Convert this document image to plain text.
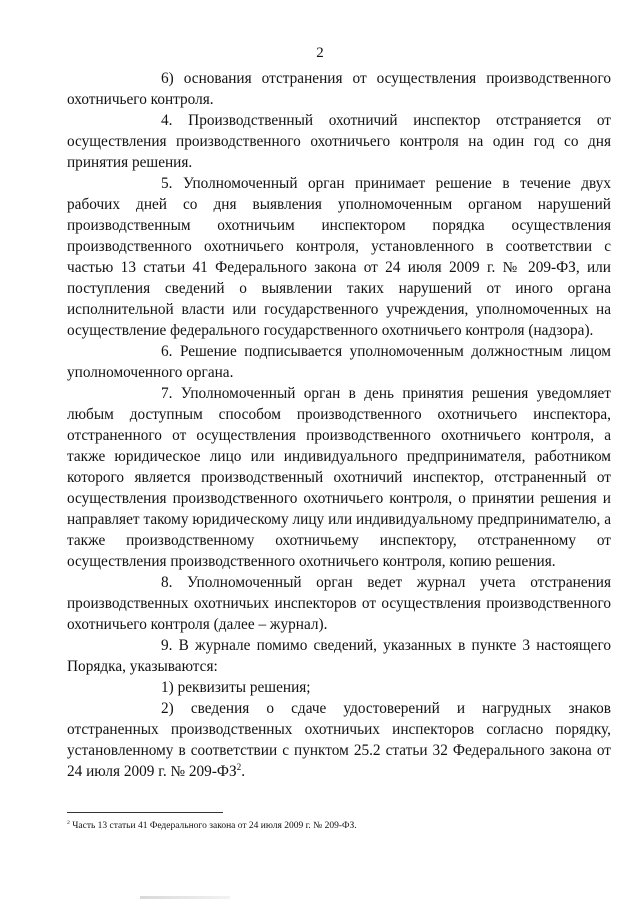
2

6) основания отстранения от осуществления производственного охотничьего контроля.

4. Производственный охотничий инспектор отстраняется от осуществления производственного охотничьего контроля на один год со дня принятия решения.

5. Уполномоченный орган принимает решение в течение двух рабочих дней со дня выявления уполномоченным органом нарушений производственным охотничьим инспектором порядка осуществления производственного охотничьего контроля, установленного в соответствии с частью 13 статьи 41 Федерального закона от 24 июля 2009 г. № 209-ФЗ, или поступления сведений о выявлении таких нарушений от иного органа исполнительной власти или государственного учреждения, уполномоченных на осуществление федерального государственного охотничьего контроля (надзора).

6. Решение подписывается уполномоченным должностным лицом уполномоченного органа.

7. Уполномоченный орган в день принятия решения уведомляет любым доступным способом производственного охотничьего инспектора, отстраненного от осуществления производственного охотничьего контроля, а также юридическое лицо или индивидуального предпринимателя, работником которого является производственный охотничий инспектор, отстраненный от осуществления производственного охотничьего контроля, о принятии решения и направляет такому юридическому лицу или индивидуальному предпринимателю, а также производственному охотничьему инспектору, отстраненному от осуществления производственного охотничьего контроля, копию решения.

8. Уполномоченный орган ведет журнал учета отстранения производственных охотничьих инспекторов от осуществления производственного охотничьего контроля (далее – журнал).

9. В журнале помимо сведений, указанных в пункте 3 настоящего Порядка, указываются:

1) реквизиты решения;

2) сведения о сдаче удостоверений и нагрудных знаков отстраненных производственных охотничьих инспекторов согласно порядку, установленному в соответствии с пунктом 25.2 статьи 32 Федерального закона от 24 июля 2009 г. № $209-ФЗ^2$.

$^2$ Часть 13 статьи 41 Федерального закона от 24 июля 2009 г. № 209-ФЗ.
